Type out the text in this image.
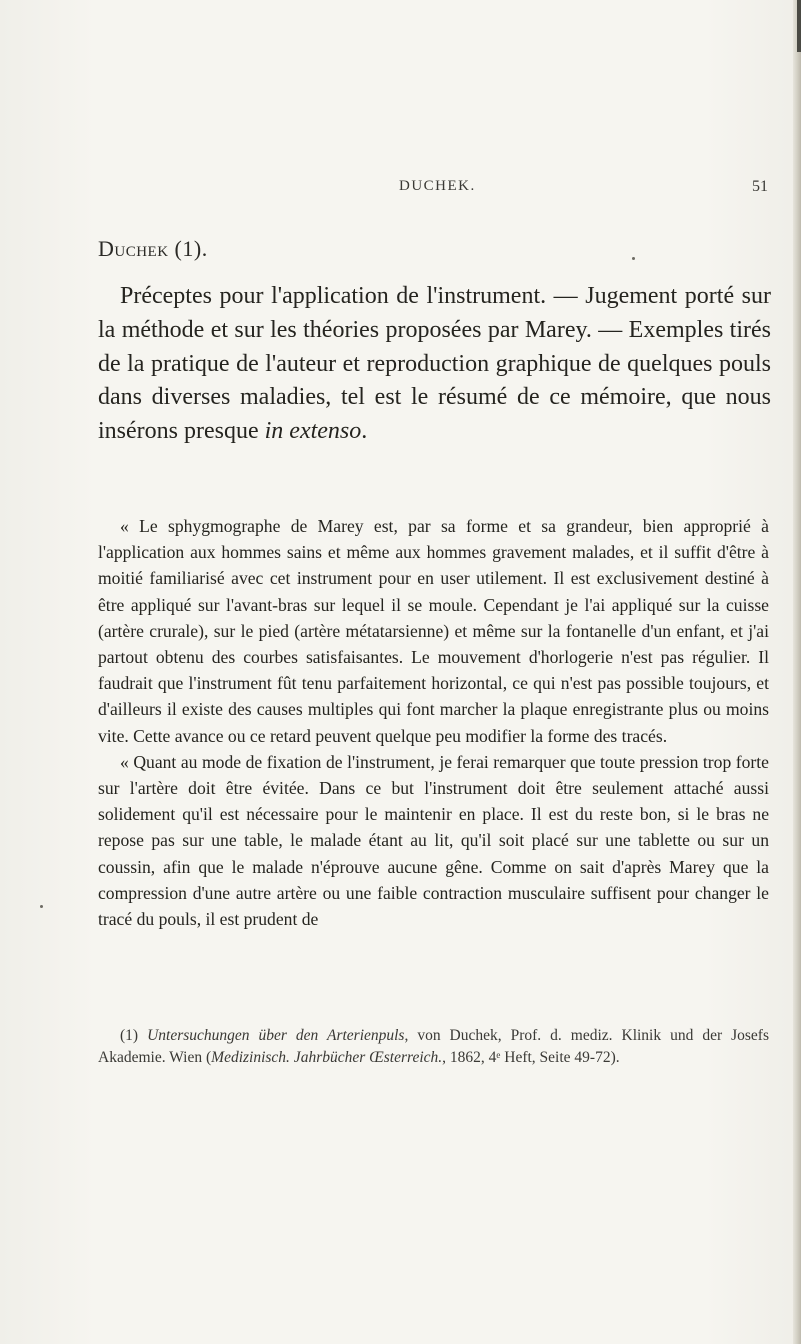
DUCHEK.	51
Duchek (1).

Préceptes pour l'application de l'instrument. — Jugement porté sur la méthode et sur les théories proposées par Marey. — Exemples tirés de la pratique de l'auteur et reproduction graphique de quelques pouls dans diverses maladies, tel est le résumé de ce mémoire, que nous insérons presque in extenso.

« Le sphygmographe de Marey est, par sa forme et sa grandeur, bien approprié à l'application aux hommes sains et même aux hommes gravement malades, et il suffit d'être à moitié familiarisé avec cet instrument pour en user utilement. Il est exclusivement destiné à être appliqué sur l'avant-bras sur lequel il se moule. Cependant je l'ai appliqué sur la cuisse (artère crurale), sur le pied (artère métatarsienne) et même sur la fontanelle d'un enfant, et j'ai partout obtenu des courbes satisfaisantes. Le mouvement d'horlogerie n'est pas régulier. Il faudrait que l'instrument fût tenu parfaitement horizontal, ce qui n'est pas possible toujours, et d'ailleurs il existe des causes multiples qui font marcher la plaque enregistrante plus ou moins vite. Cette avance ou ce retard peuvent quelque peu modifier la forme des tracés.

« Quant au mode de fixation de l'instrument, je ferai remarquer que toute pression trop forte sur l'artère doit être évitée. Dans ce but l'instrument doit être seulement attaché aussi solidement qu'il est nécessaire pour le maintenir en place. Il est du reste bon, si le bras ne repose pas sur une table, le malade étant au lit, qu'il soit placé sur une tablette ou sur un coussin, afin que le malade n'éprouve aucune gêne. Comme on sait d'après Marey que la compression d'une autre artère ou une faible contraction musculaire suffisent pour changer le tracé du pouls, il est prudent de

(1) Untersuchungen über den Arterienpuls, von Duchek, Prof. d. mediz. Klinik und der Josefs Akademie. Wien (Medizinisch. Jahrbücher Œsterreich., 1862, 4ᵉ Heft, Seite 49-72).
